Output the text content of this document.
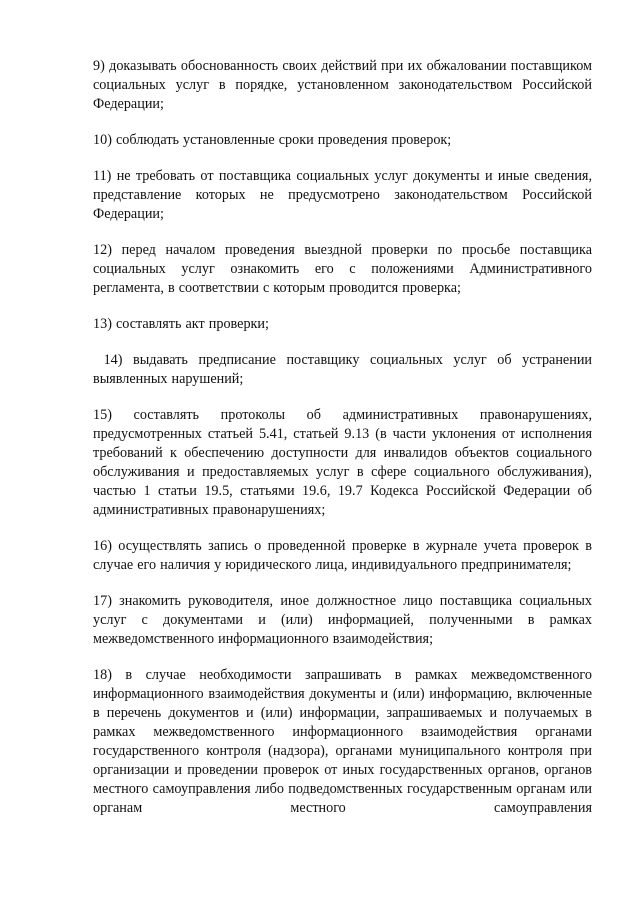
9) доказывать обоснованность своих действий при их обжаловании поставщиком социальных услуг в порядке, установленном законодательством Российской Федерации;

10) соблюдать установленные сроки проведения проверок;

11) не требовать от поставщика социальных услуг документы и иные сведения, представление которых не предусмотрено законодательством Российской Федерации;

12) перед началом проведения выездной проверки по просьбе поставщика социальных услуг ознакомить его с положениями Административного регламента, в соответствии с которым проводится проверка;

13) составлять акт проверки;

14) выдавать предписание поставщику социальных услуг об устранении выявленных нарушений;

15) составлять протоколы об административных правонарушениях, предусмотренных статьей 5.41, статьей 9.13 (в части уклонения от исполнения требований к обеспечению доступности для инвалидов объектов социального обслуживания и предоставляемых услуг в сфере социального обслуживания), частью 1 статьи 19.5, статьями 19.6, 19.7 Кодекса Российской Федерации об административных правонарушениях;

16) осуществлять запись о проведенной проверке в журнале учета проверок в случае его наличия у юридического лица, индивидуального предпринимателя;

17) знакомить руководителя, иное должностное лицо поставщика социальных услуг с документами и (или) информацией, полученными в рамках межведомственного информационного взаимодействия;

18) в случае необходимости запрашивать в рамках межведомственного информационного взаимодействия документы и (или) информацию, включенные в перечень документов и (или) информации, запрашиваемых и получаемых в рамках межведомственного информационного взаимодействия органами государственного контроля (надзора), органами муниципального контроля при организации и проведении проверок от иных государственных органов, органов местного самоуправления либо подведомственных государственным органам или органам местного самоуправления
